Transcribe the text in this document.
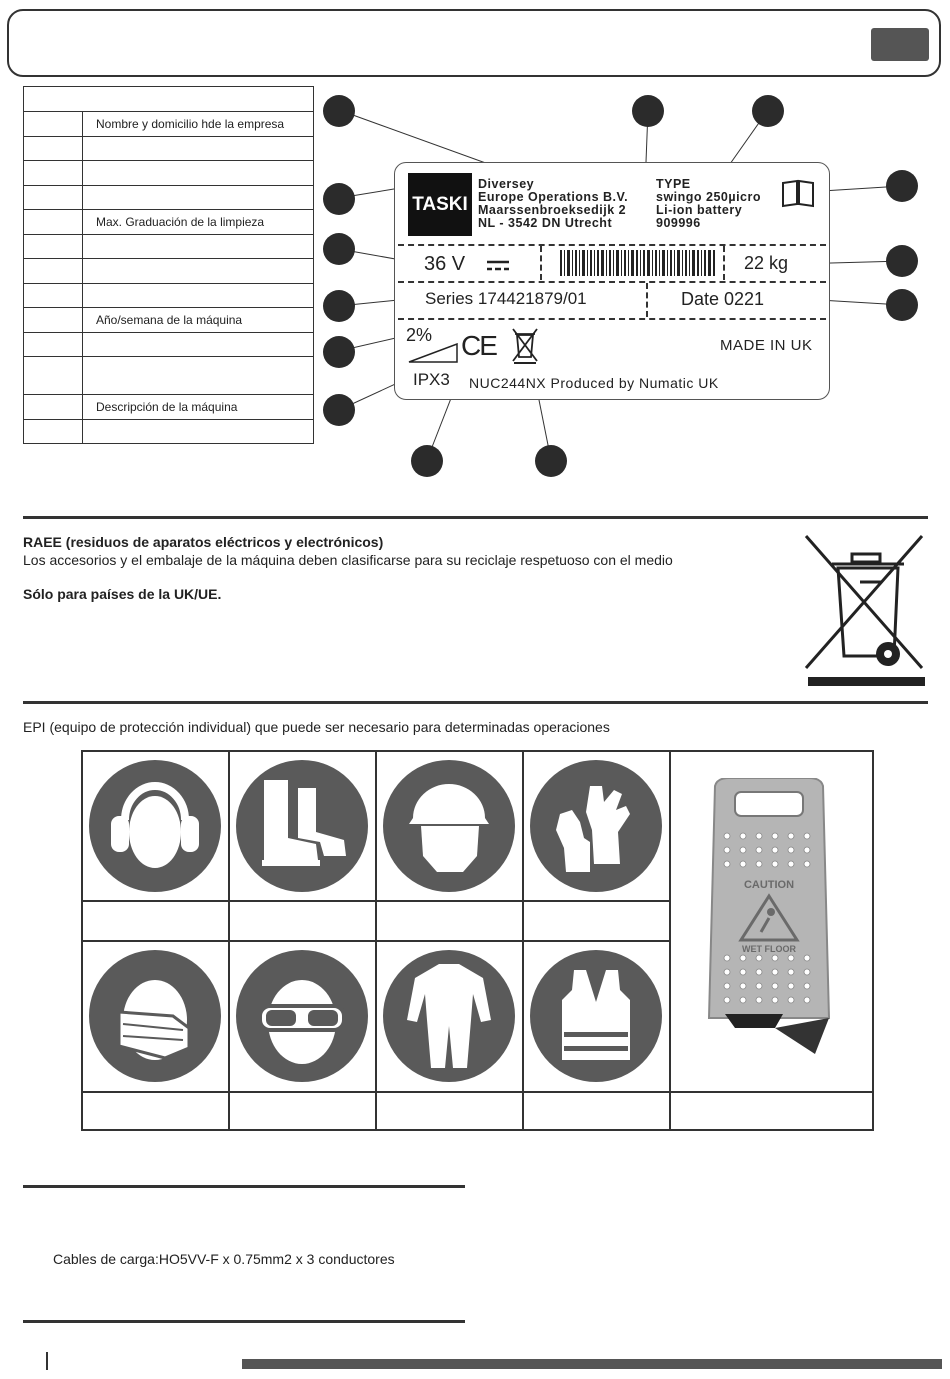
	Nombre y domicilio hde la empresa

	Max. Graduación de la limpieza

	Año/semana de la máquina

	Descripción de la máquina

TASKI
Diversey
Europe Operations B.V.
Maarssenbroeksedijk 2
NL - 3542 DN Utrecht
TYPE
swingo 250µicro
Li-ion battery
909996
36 V	22 kg
Series 174421879/01	Date 0221
2% CE	MADE IN UK
IPX3 NUC244NX Produced by Numatic UK
RAEE (residuos de aparatos eléctricos y electrónicos)
Los accesorios y el embalaje de la máquina deben clasificarse para su reciclaje respetuoso con el medio
Sólo para países de la UK/UE.
EPI (equipo de protección individual) que puede ser necesario para determinadas operaciones
CAUTION
WET FLOOR
Cables de carga:HO5VV-F x 0.75mm2 x 3 conductores
